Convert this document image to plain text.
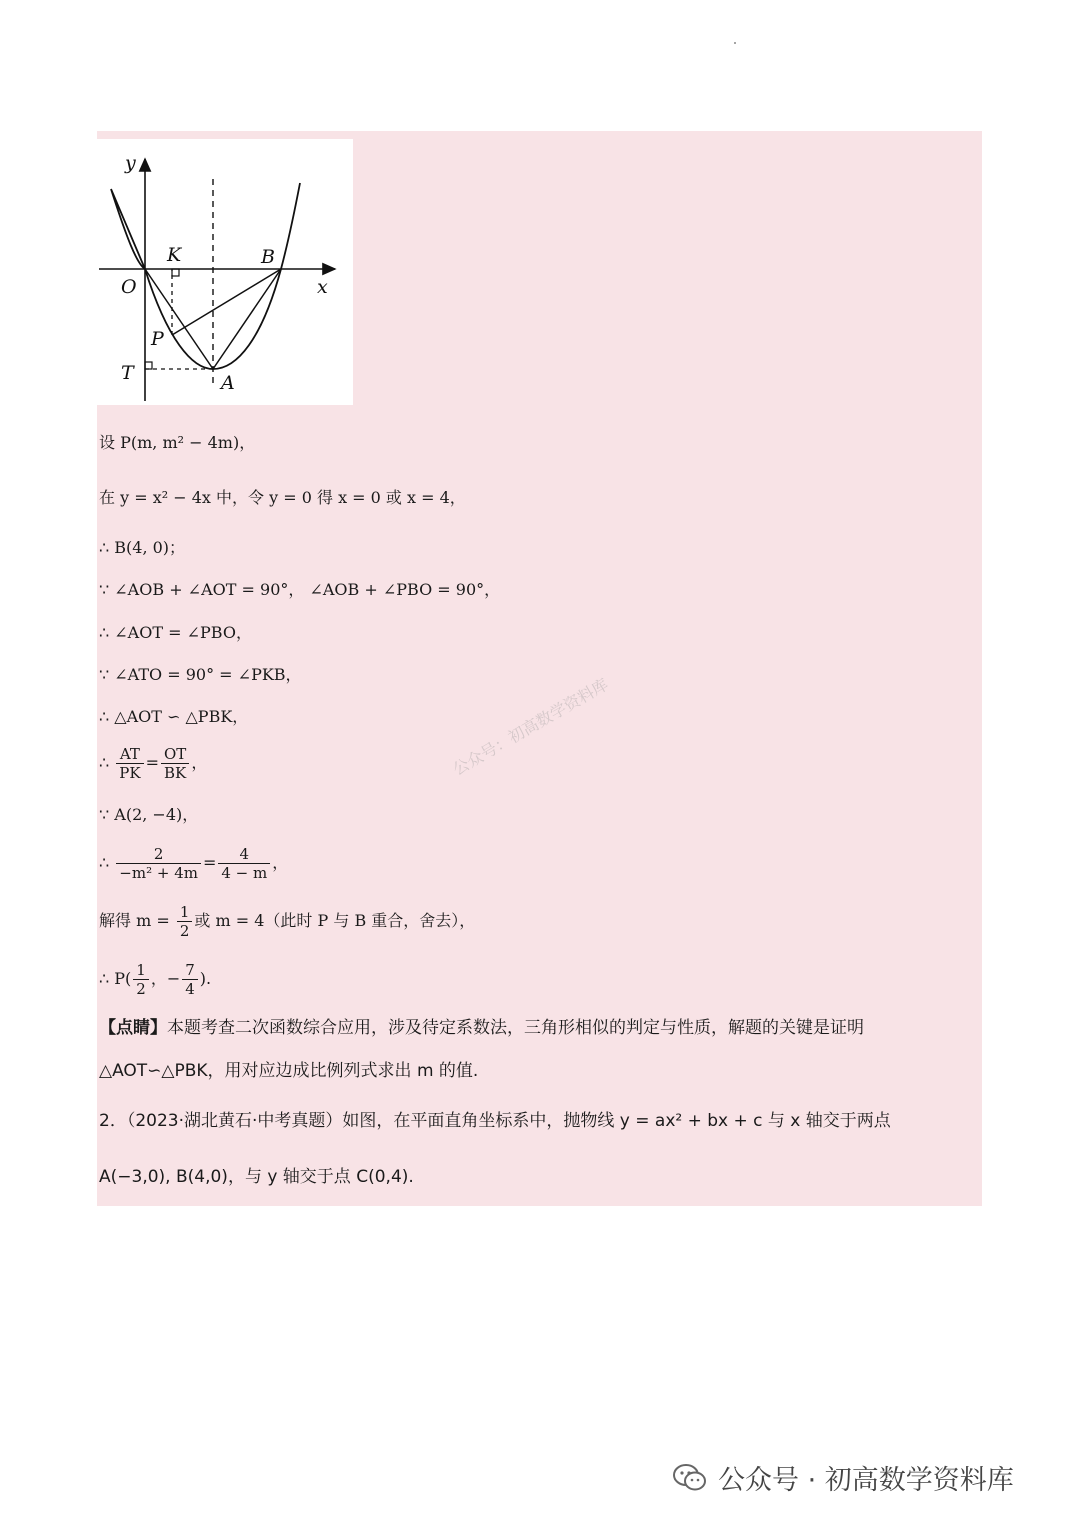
y
x
O
K	B
P
T	A
设 P(m, m² − 4m)，
在 y = x² − 4x 中，令 y = 0 得 x = 0 或 x = 4，
∴ B(4, 0)；
∵ ∠AOB + ∠AOT = 90°， ∠AOB + ∠PBO = 90°，
∴ ∠AOT = ∠PBO，
∵ ∠ATO = 90° = ∠PKB，
∴ △AOT ∽ △PBK，
∴ $\frac{AT}{PK} = \frac{OT}{BK}$ ，
∵ A(2, −4)，
∴ $\frac{2}{\text{−m² + 4m}} = \frac{4}{4 - m}$ ，
解得 $m = \frac{1}{2}$ 或 m = 4（此时 P 与 B 重合，舍去），
∴ $P( \frac{1}{2}$ ，− $\frac{7}{4}$ ).
【点睛】本题考查二次函数综合应用，涉及待定系数法，三角形相似的判定与性质，解题的关键是证明
△AOT∽△PBK，用对应边成比例列式求出 m 的值.
2．（2023·湖北黄石·中考真题）如图，在平面直角坐标系中，抛物线 y = ax² + bx + c 与 x 轴交于两点
A(−3,0), B(4,0)，与 y 轴交于点 C(0,4).
公众号：初高数学资料库
公众号 · 初高数学资料库
